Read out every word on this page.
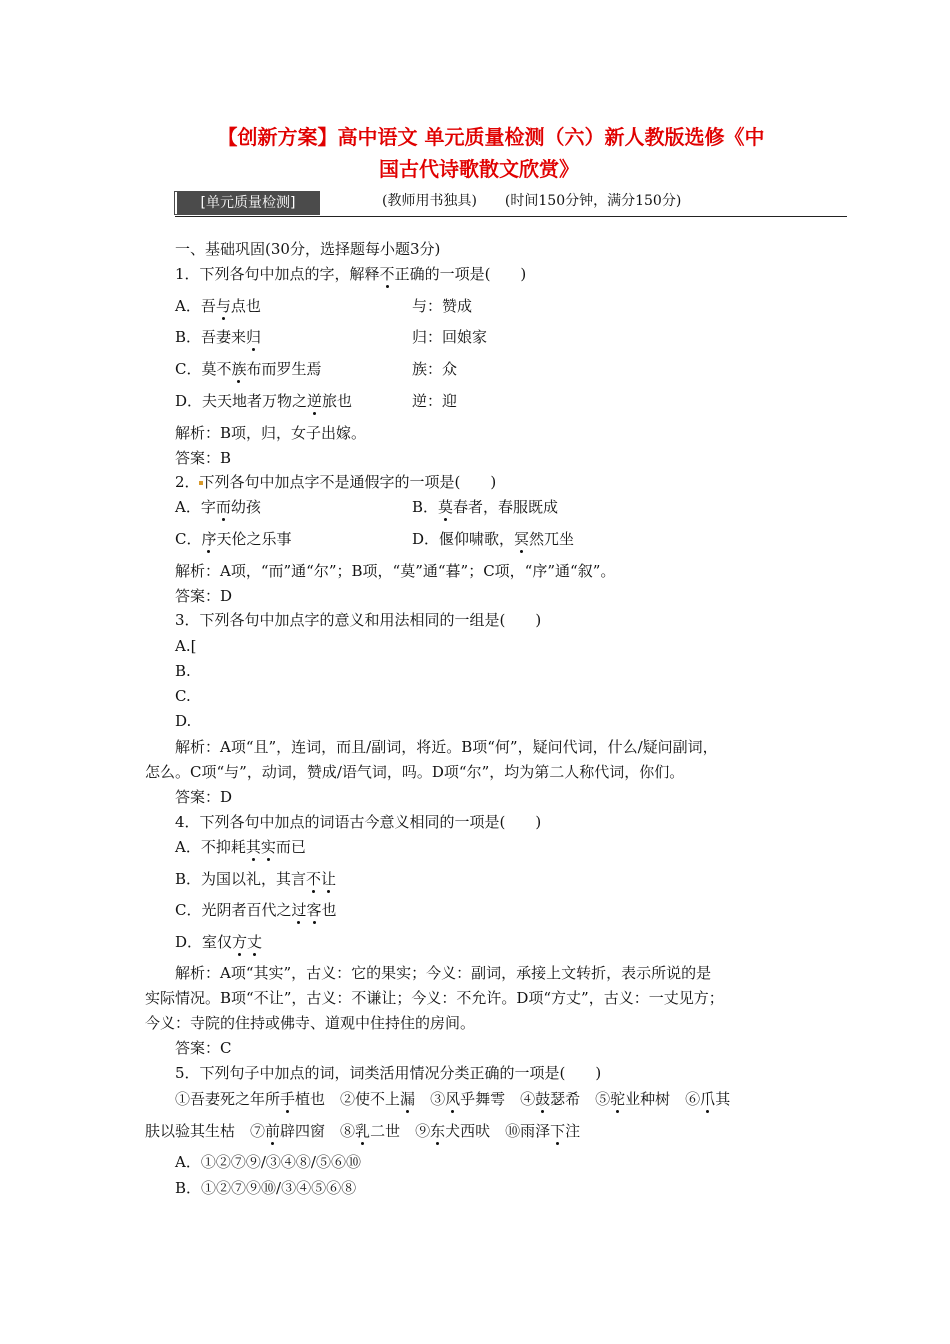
【创新方案】高中语文 单元质量检测（六）新人教版选修《中
国古代诗歌散文欣赏》
[单元质量检测]	(教师用书独具)　　(时间150分钟，满分150分)
一、基础巩固(30分，选择题每小题3分)
1．下列各句中加点的字，解释不正确的一项是(　　)
A．吾与点也	与：赞成
B．吾妻来归	归：回娘家
C．莫不族布而罗生焉	族：众
D．夫天地者万物之逆旅也	逆：迎
解析：B项，归，女子出嫁。
答案：B
2．下列各句中加点字不是通假字的一项是(　　)
A．字而幼孩	B．莫春者，春服既成
C．序天伦之乐事	D．偃仰啸歌，冥然兀坐
解析：A项，“而”通“尔”；B项，“莫”通“暮”；C项，“序”通“叙”。
答案：D
3．下列各句中加点字的意义和用法相同的一组是(　　)
A.[
B.
C.
D.
解析：A项“且”，连词，而且/副词，将近。B项“何”，疑问代词，什么/疑问副词，
怎么。C项“与”，动词，赞成/语气词，吗。D项“尔”，均为第二人称代词，你们。
答案：D
4．下列各句中加点的词语古今意义相同的一项是(　　)
A．不抑耗其实而已
B．为国以礼，其言不让
C．光阴者百代之过客也
D．室仅方丈
解析：A项“其实”，古义：它的果实；今义：副词，承接上文转折，表示所说的是
实际情况。B项“不让”，古义：不谦让；今义：不允许。D项“方丈”，古义：一丈见方；
今义：寺院的住持或佛寺、道观中住持住的房间。
答案：C
5．下列句子中加点的词，词类活用情况分类正确的一项是(　　)
①吾妻死之年所手植也　②使不上漏　③风乎舞雩　④鼓瑟希　⑤驼业种树　⑥爪其
肤以验其生枯　⑦前辟四窗　⑧乳二世　⑨东犬西吠　⑩雨泽下注
A．①②⑦⑨/③④⑧/⑤⑥⑩
B．①②⑦⑨⑩/③④⑤⑥⑧
